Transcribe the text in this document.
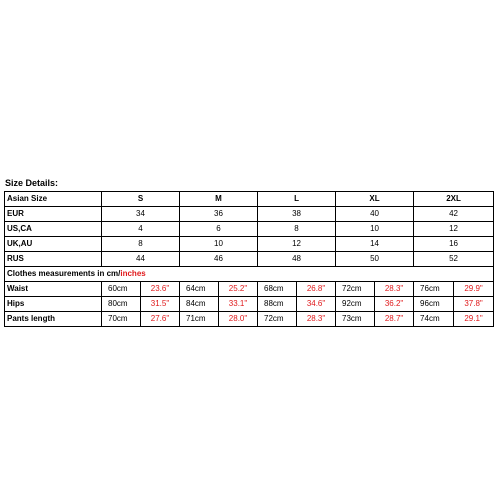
Size Details:
Asian Size	S		M		L		XL		2XL	
EUR	34		36		38		40		42	
US,CA	4		6		8		10		12	
UK,AU	8		10		12		14		16	
RUS	44		46		48		50		52	
Clothes measurements in cm/inches										
Waist	60cm	23.6"	64cm	25.2"	68cm	26.8"	72cm	28.3"	76cm	29.9"
Hips	80cm	31.5"	84cm	33.1"	88cm	34.6"	92cm	36.2"	96cm	37.8"
Pants length	70cm	27.6"	71cm	28.0"	72cm	28.3"	73cm	28.7"	74cm	29.1"
